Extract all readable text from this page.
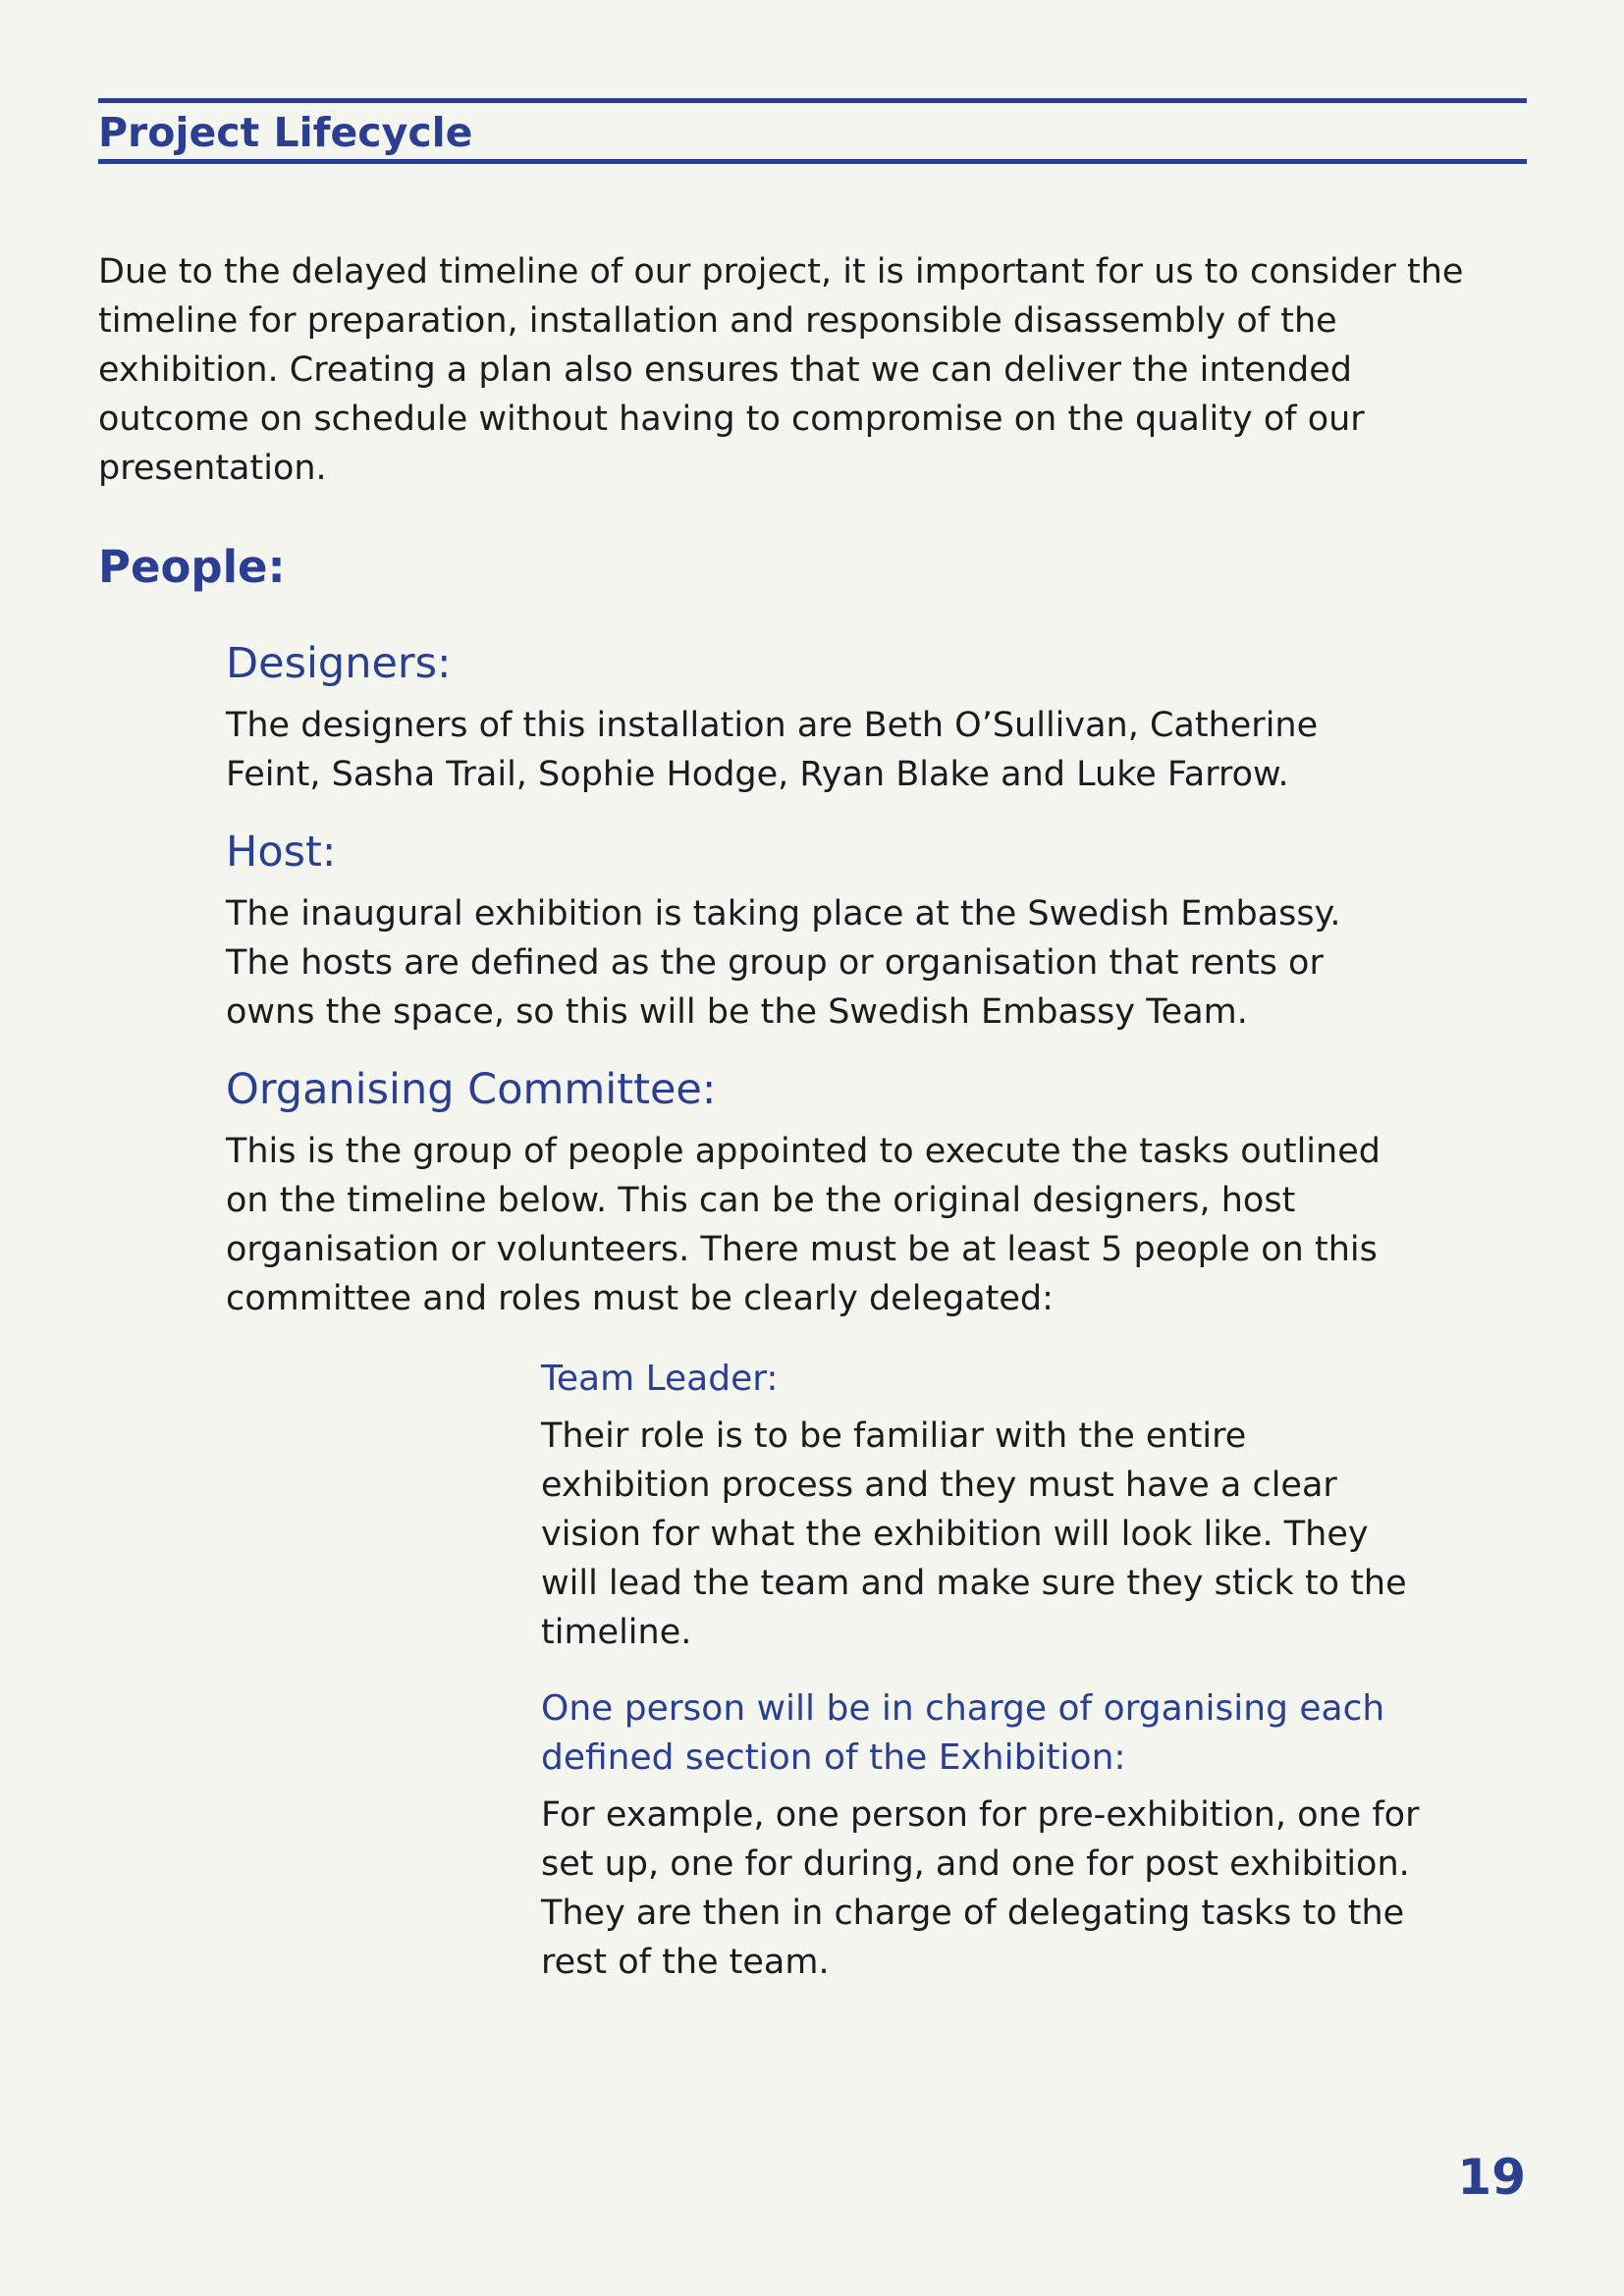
Project Lifecycle

Due to the delayed timeline of our project, it is important for us to consider the timeline for preparation, installation and responsible disassembly of the exhibition. Creating a plan also ensures that we can deliver the intended outcome on schedule without having to compromise on the quality of our presentation.

People:
Designers:

The designers of this installation are Beth O’Sullivan, Catherine Feint, Sasha Trail, Sophie Hodge, Ryan Blake and Luke Farrow.

Host:

The inaugural exhibition is taking place at the Swedish Embassy. The hosts are defined as the group or organisation that rents or owns the space, so this will be the Swedish Embassy Team.

Organising Committee:

This is the group of people appointed to execute the tasks outlined on the timeline below. This can be the original designers, host organisation or volunteers. There must be at least 5 people on this committee and roles must be clearly delegated:

Team Leader:

Their role is to be familiar with the entire exhibition process and they must have a clear vision for what the exhibition will look like. They will lead the team and make sure they stick to the timeline.

One person will be in charge of organising each defined section of the Exhibition:

For example, one person for pre-exhibition, one for set up, one for during, and one for post exhibition. They are then in charge of delegating tasks to the rest of the team.

19
